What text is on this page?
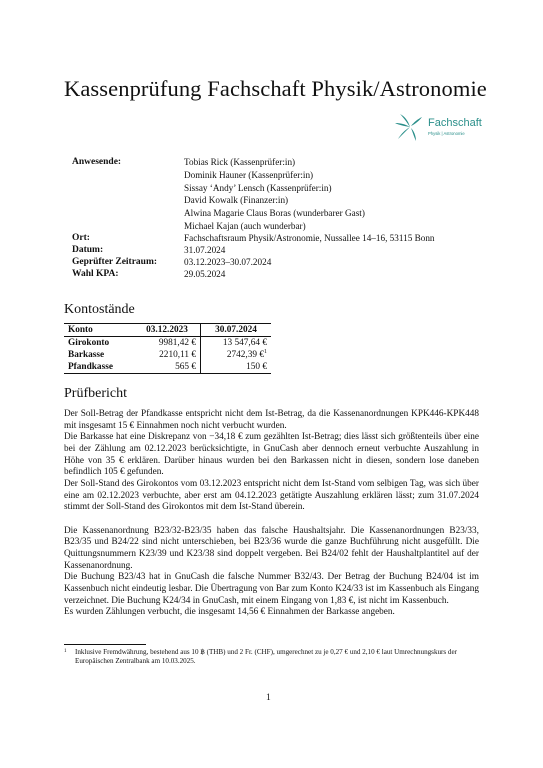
Kassenprüfung Fachschaft Physik/Astronomie
Fachschaft
Physik | Astronomie
Anwesende:	Tobias Rick (Kassenprüfer:in)
Dominik Hauner (Kassenprüfer:in)
Sissay ‘Andy’ Lensch (Kassenprüfer:in)
David Kowalk (Finanzer:in)
Alwina Magarie Claus Boras (wunderbarer Gast)
Michael Kajan (auch wunderbar)
Ort:	Fachschaftsraum Physik/Astronomie, Nussallee 14–16, 53115 Bonn
Datum:	31.07.2024
Geprüfter Zeitraum:	03.12.2023–30.07.2024
Wahl KPA:	29.05.2024
Kontostände
Konto	03.12.2023	30.07.2024
Girokonto	9981,42 €	13 547,64 €
Barkasse	2210,11 €	2742,39 €$^1$
Pfandkasse	565 €	150 €
Prüfbericht

Der Soll-Betrag der Pfandkasse entspricht nicht dem Ist-Betrag, da die Kassenanordnungen KPK446-KPK448 mit insgesamt 15 € Einnahmen noch nicht verbucht wurden.

Die Barkasse hat eine Diskrepanz von −34,18 € zum gezählten Ist-Betrag; dies lässt sich größtenteils über eine bei der Zählung am 02.12.2023 berücksichtigte, in GnuCash aber dennoch erneut verbuchte Auszahlung in Höhe von 35 € erklären. Darüber hinaus wurden bei den Barkassen nicht in diesen, sondern lose daneben befindlich 105 € gefunden.

Der Soll-Stand des Girokontos vom 03.12.2023 entspricht nicht dem Ist-Stand vom selbigen Tag, was sich über eine am 02.12.2023 verbuchte, aber erst am 04.12.2023 getätigte Auszahlung erklären lässt; zum 31.07.2024 stimmt der Soll-Stand des Girokontos mit dem Ist-Stand überein.

Die Kassenanordnung B23/32-B23/35 haben das falsche Haushaltsjahr. Die Kassenanordnungen B23/33, B23/35 und B24/22 sind nicht unterschieben, bei B23/36 wurde die ganze Buchführung nicht ausgefüllt. Die Quittungsnummern K23/39 und K23/38 sind doppelt vergeben. Bei B24/02 fehlt der Haushaltplantitel auf der Kassenanordnung.

Die Buchung B23/43 hat in GnuCash die falsche Nummer B32/43. Der Betrag der Buchung B24/04 ist im Kassenbuch nicht eindeutig lesbar. Die Übertragung von Bar zum Konto K24/33 ist im Kassenbuch als Eingang verzeichnet. Die Buchung K24/34 in GnuCash, mit einem Eingang von 1,83 €, ist nicht im Kassenbuch.

Es wurden Zählungen verbucht, die insgesamt 14,56 € Einnahmen der Barkasse angeben.

1	Inklusive Fremdwährung, bestehend aus 10 ฿ (THB) und 2 Fr. (CHF), umgerechnet zu je 0,27 € und 2,10 € laut Umrechnungskurs der Europäischen Zentralbank am 10.03.2025.
1
